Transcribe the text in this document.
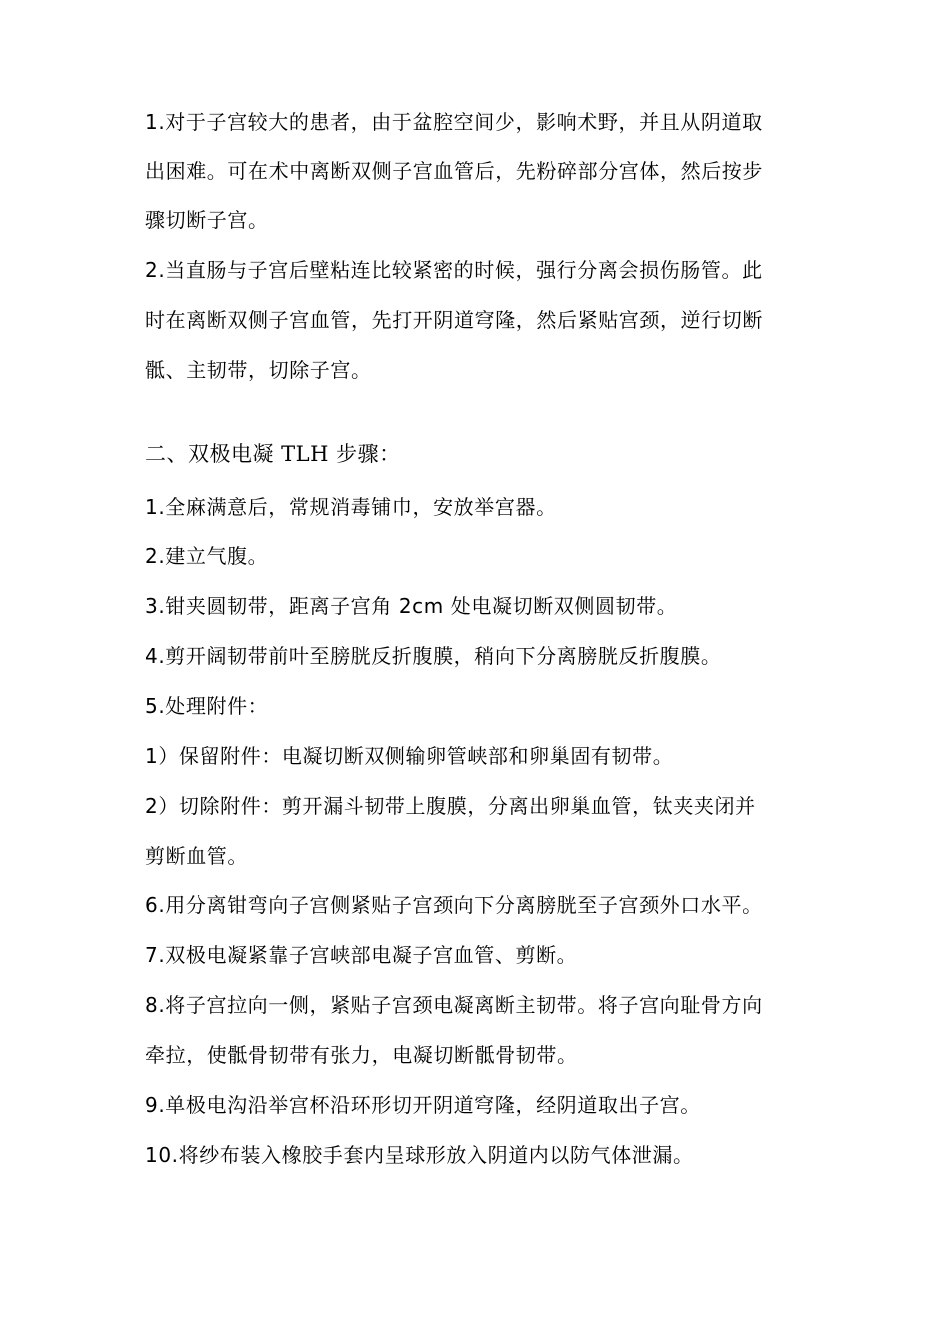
1.对于子宫较大的患者，由于盆腔空间少，影响术野，并且从阴道取
出困难。可在术中离断双侧子宫血管后，先粉碎部分宫体，然后按步
骤切断子宫。
2.当直肠与子宫后壁粘连比较紧密的时候，强行分离会损伤肠管。此
时在离断双侧子宫血管，先打开阴道穹隆，然后紧贴宫颈，逆行切断
骶、主韧带，切除子宫。
二、双极电凝 TLH 步骤：
1.全麻满意后，常规消毒铺巾，安放举宫器。
2.建立气腹。
3.钳夹圆韧带，距离子宫角 2cm 处电凝切断双侧圆韧带。
4.剪开阔韧带前叶至膀胱反折腹膜，稍向下分离膀胱反折腹膜。
5.处理附件：
1）保留附件：电凝切断双侧输卵管峡部和卵巢固有韧带。
2）切除附件：剪开漏斗韧带上腹膜，分离出卵巢血管，钛夹夹闭并
剪断血管。
6.用分离钳弯向子宫侧紧贴子宫颈向下分离膀胱至子宫颈外口水平。
7.双极电凝紧靠子宫峡部电凝子宫血管、剪断。
8.将子宫拉向一侧，紧贴子宫颈电凝离断主韧带。将子宫向耻骨方向
牵拉，使骶骨韧带有张力，电凝切断骶骨韧带。
9.单极电沟沿举宫杯沿环形切开阴道穹隆，经阴道取出子宫。
10.将纱布装入橡胶手套内呈球形放入阴道内以防气体泄漏。
